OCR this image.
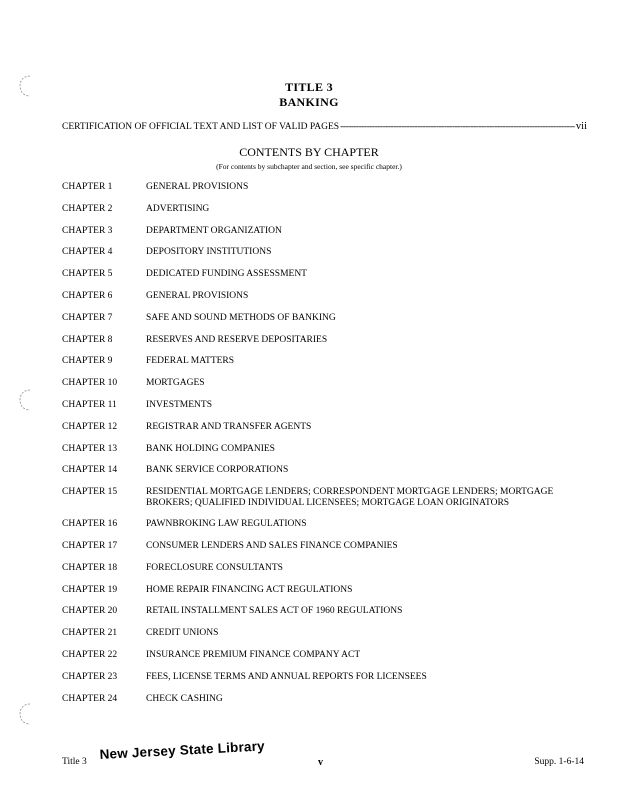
TITLE 3
BANKING
CERTIFICATION OF OFFICIAL TEXT AND LIST OF VALID PAGES
-----	vii
CONTENTS BY CHAPTER
(For contents by subchapter and section, see specific chapter.)
CHAPTER 1	GENERAL PROVISIONS
CHAPTER 2	ADVERTISING
CHAPTER 3	DEPARTMENT ORGANIZATION
CHAPTER 4	DEPOSITORY INSTITUTIONS
CHAPTER 5	DEDICATED FUNDING ASSESSMENT
CHAPTER 6	GENERAL PROVISIONS
CHAPTER 7	SAFE AND SOUND METHODS OF BANKING
CHAPTER 8	RESERVES AND RESERVE DEPOSITARIES
CHAPTER 9	FEDERAL MATTERS
CHAPTER 10	MORTGAGES
CHAPTER 11	INVESTMENTS
CHAPTER 12	REGISTRAR AND TRANSFER AGENTS
CHAPTER 13	BANK HOLDING COMPANIES
CHAPTER 14	BANK SERVICE CORPORATIONS
CHAPTER 15	RESIDENTIAL MORTGAGE LENDERS; CORRESPONDENT MORTGAGE LENDERS; MORTGAGE BROKERS; QUALIFIED INDIVIDUAL LICENSEES; MORTGAGE LOAN ORIGINATORS
CHAPTER 16	PAWNBROKING LAW REGULATIONS
CHAPTER 17	CONSUMER LENDERS AND SALES FINANCE COMPANIES
CHAPTER 18	FORECLOSURE CONSULTANTS
CHAPTER 19	HOME REPAIR FINANCING ACT REGULATIONS
CHAPTER 20	RETAIL INSTALLMENT SALES ACT OF 1960 REGULATIONS
CHAPTER 21	CREDIT UNIONS
CHAPTER 22	INSURANCE PREMIUM FINANCE COMPANY ACT
CHAPTER 23	FEES, LICENSE TERMS AND ANNUAL REPORTS FOR LICENSEES
CHAPTER 24	CHECK CASHING
Title 3 New Jersey State Library
v	Supp. 1-6-14
